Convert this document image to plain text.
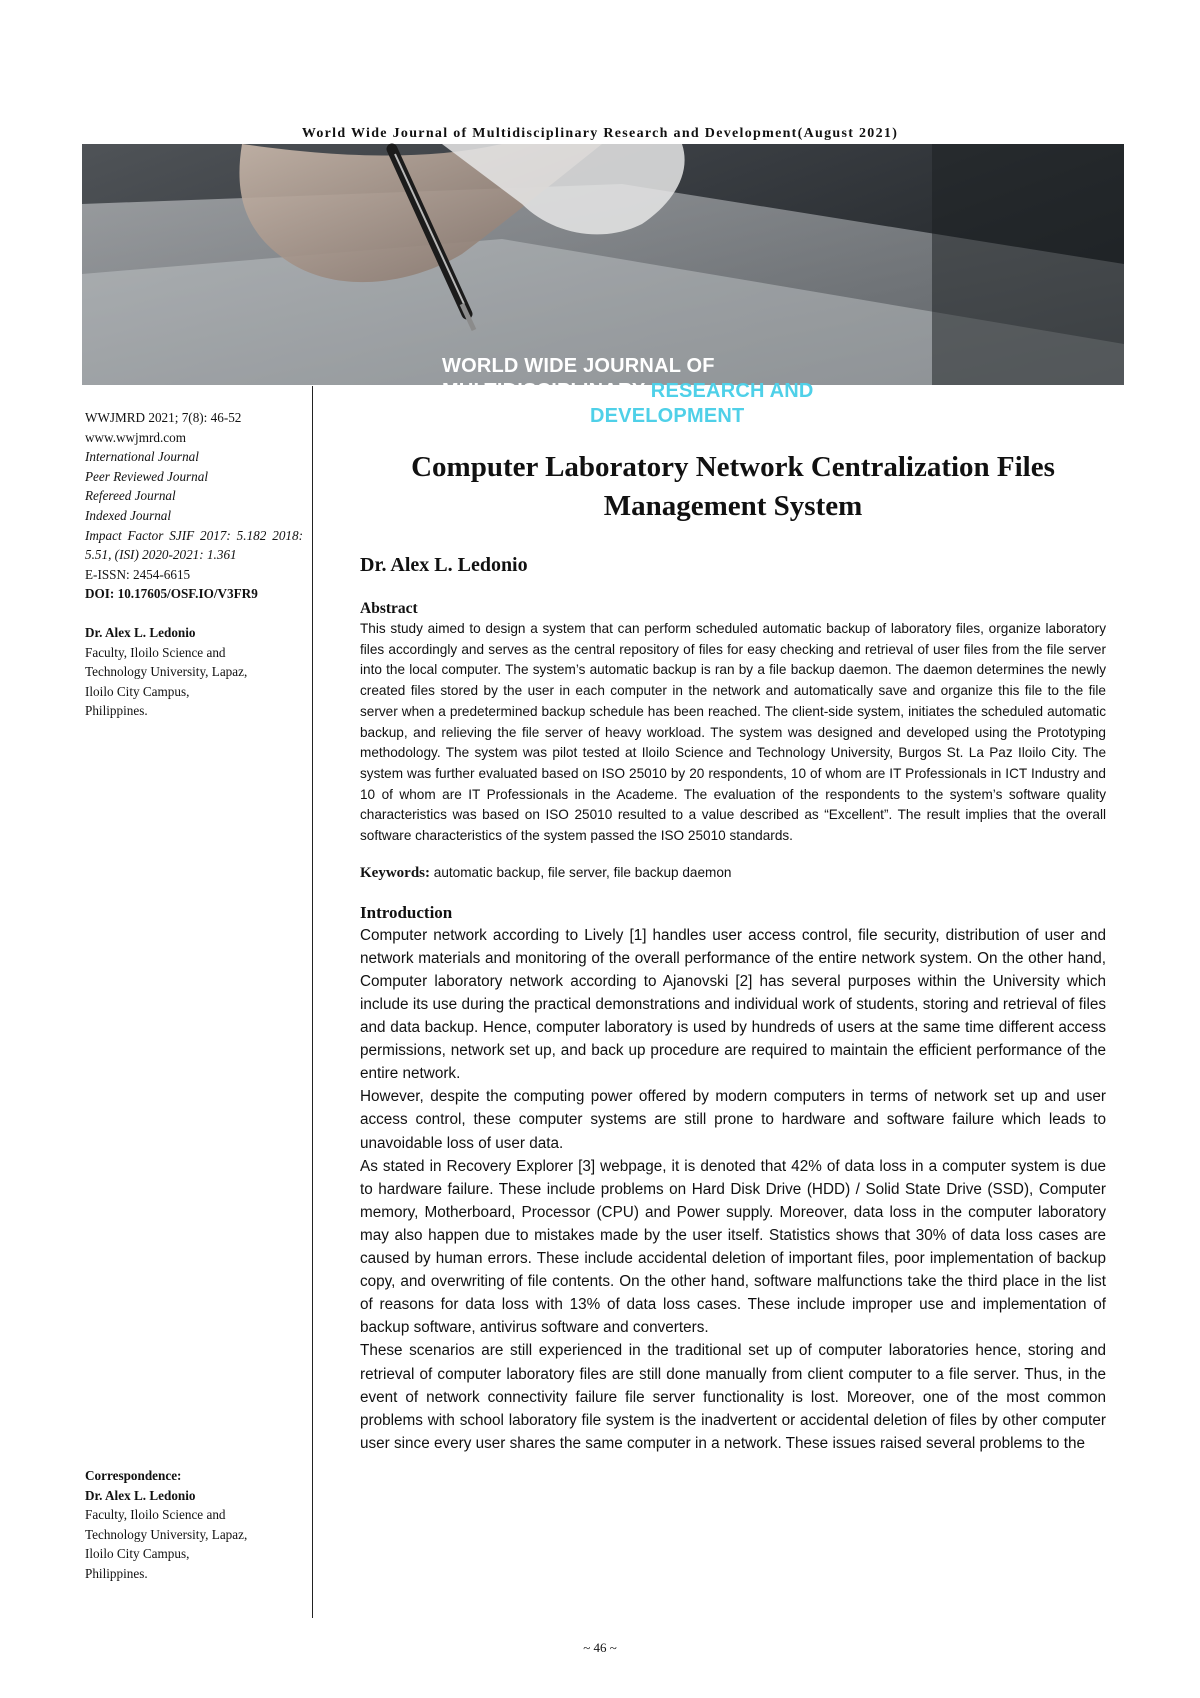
World Wide Journal of Multidisciplinary Research and Development(August 2021)
WORLD WIDE JOURNAL OF
MULTIDISCIPLINARY RESEARCH AND
DEVELOPMENT
WWJMRD 2021; 7(8): 46-52
www.wwjmrd.com
International Journal
Peer Reviewed Journal
Refereed Journal
Indexed Journal
Impact Factor SJIF 2017: 5.182 2018: 5.51, (ISI) 2020-2021: 1.361
E-ISSN: 2454-6615
DOI: 10.17605/OSF.IO/V3FR9
Dr. Alex L. Ledonio
Faculty, Iloilo Science and
Technology University, Lapaz,
Iloilo City Campus,
Philippines.
Correspondence:
Dr. Alex L. Ledonio
Faculty, Iloilo Science and
Technology University, Lapaz,
Iloilo City Campus,
Philippines.
Computer Laboratory Network Centralization Files Management System
Dr. Alex L. Ledonio
Abstract

This study aimed to design a system that can perform scheduled automatic backup of laboratory files, organize laboratory files accordingly and serves as the central repository of files for easy checking and retrieval of user files from the file server into the local computer. The system’s automatic backup is ran by a file backup daemon. The daemon determines the newly created files stored by the user in each computer in the network and automatically save and organize this file to the file server when a predetermined backup schedule has been reached. The client-side system, initiates the scheduled automatic backup, and relieving the file server of heavy workload. The system was designed and developed using the Prototyping methodology. The system was pilot tested at Iloilo Science and Technology University, Burgos St. La Paz Iloilo City. The system was further evaluated based on ISO 25010 by 20 respondents, 10 of whom are IT Professionals in ICT Industry and 10 of whom are IT Professionals in the Academe. The evaluation of the respondents to the system’s software quality characteristics was based on ISO 25010 resulted to a value described as “Excellent”. The result implies that the overall software characteristics of the system passed the ISO 25010 standards.

Keywords: automatic backup, file server, file backup daemon
Introduction

Computer network according to Lively [1] handles user access control, file security, distribution of user and network materials and monitoring of the overall performance of the entire network system. On the other hand, Computer laboratory network according to Ajanovski [2] has several purposes within the University which include its use during the practical demonstrations and individual work of students, storing and retrieval of files and data backup. Hence, computer laboratory is used by hundreds of users at the same time different access permissions, network set up, and back up procedure are required to maintain the efficient performance of the entire network.

However, despite the computing power offered by modern computers in terms of network set up and user access control, these computer systems are still prone to hardware and software failure which leads to unavoidable loss of user data.

As stated in Recovery Explorer [3] webpage, it is denoted that 42% of data loss in a computer system is due to hardware failure. These include problems on Hard Disk Drive (HDD) / Solid State Drive (SSD), Computer memory, Motherboard, Processor (CPU) and Power supply. Moreover, data loss in the computer laboratory may also happen due to mistakes made by the user itself. Statistics shows that 30% of data loss cases are caused by human errors. These include accidental deletion of important files, poor implementation of backup copy, and overwriting of file contents. On the other hand, software malfunctions take the third place in the list of reasons for data loss with 13% of data loss cases. These include improper use and implementation of backup software, antivirus software and converters.

These scenarios are still experienced in the traditional set up of computer laboratories hence, storing and retrieval of computer laboratory files are still done manually from client computer to a file server. Thus, in the event of network connectivity failure file server functionality is lost. Moreover, one of the most common problems with school laboratory file system is the inadvertent or accidental deletion of files by other computer user since every user shares the same computer in a network. These issues raised several problems to the

~ 46 ~
